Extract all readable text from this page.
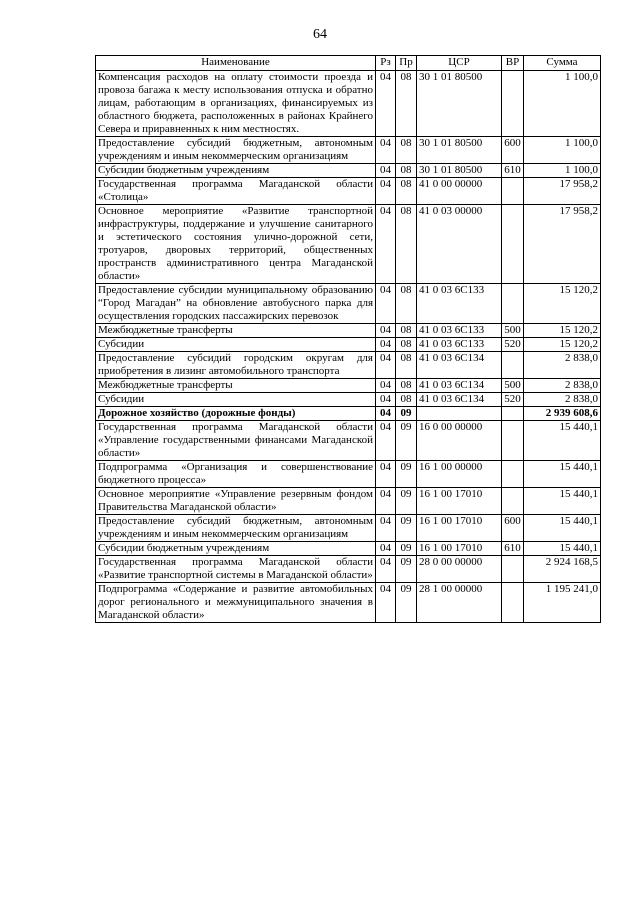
64
Наименование	Рз	Пр	ЦСР	ВР	Сумма
Компенсация расходов на оплату стоимости проезда и провоза багажа к месту использования отпуска и обратно лицам, работающим в организациях, финансируемых из областного бюджета, расположенных в районах Крайнего Севера и приравненных к ним местностях.	04	08	30 1 01 80500		1 100,0
Предоставление субсидий бюджетным, автономным учреждениям и иным некоммерческим организациям	04	08	30 1 01 80500	600	1 100,0
Субсидии бюджетным учреждениям	04	08	30 1 01 80500	610	1 100,0
Государственная программа Магаданской области «Столица»	04	08	41 0 00 00000		17 958,2
Основное мероприятие «Развитие транспортной инфраструктуры, поддержание и улучшение санитарного и эстетического состояния улично-дорожной сети, тротуаров, дворовых территорий, общественных пространств административного центра Магаданской области»	04	08	41 0 03 00000		17 958,2
Предоставление субсидии муниципальному образованию “Город Магадан” на обновление автобусного парка для осуществления городских пассажирских перевозок	04	08	41 0 03 6С133		15 120,2
Межбюджетные трансферты	04	08	41 0 03 6С133	500	15 120,2
Субсидии	04	08	41 0 03 6С133	520	15 120,2
Предоставление субсидий городским округам для приобретения в лизинг автомобильного транспорта	04	08	41 0 03 6С134		2 838,0
Межбюджетные трансферты	04	08	41 0 03 6С134	500	2 838,0
Субсидии	04	08	41 0 03 6С134	520	2 838,0
Дорожное хозяйство (дорожные фонды)	04	09			2 939 608,6
Государственная программа Магаданской области «Управление государственными финансами Магаданской области»	04	09	16 0 00 00000		15 440,1
Подпрограмма «Организация и совершенствование бюджетного процесса»	04	09	16 1 00 00000		15 440,1
Основное мероприятие «Управление резервным фондом Правительства Магаданской области»	04	09	16 1 00 17010		15 440,1
Предоставление субсидий бюджетным, автономным учреждениям и иным некоммерческим организациям	04	09	16 1 00 17010	600	15 440,1
Субсидии бюджетным учреждениям	04	09	16 1 00 17010	610	15 440,1
Государственная программа Магаданской области «Развитие транспортной системы в Магаданской области»	04	09	28 0 00 00000		2 924 168,5
Подпрограмма «Содержание и развитие автомобильных дорог регионального и межмуниципального значения в Магаданской области»	04	09	28 1 00 00000		1 195 241,0
